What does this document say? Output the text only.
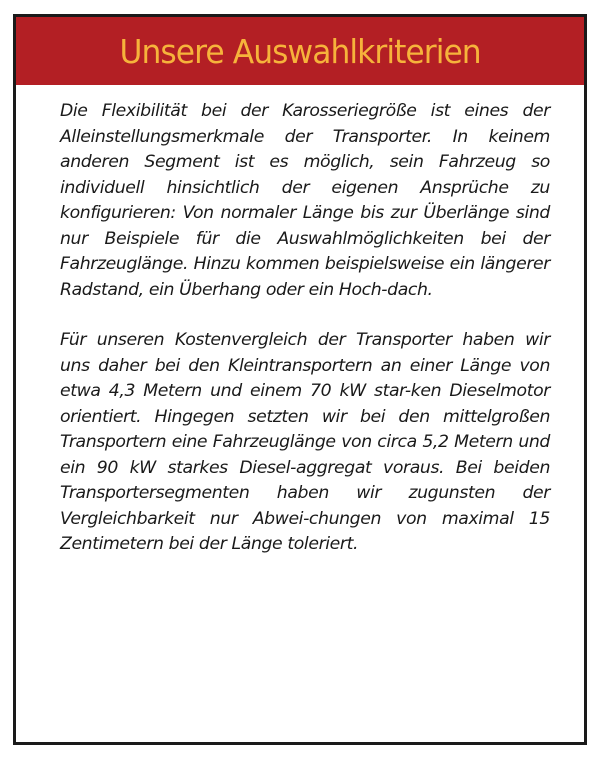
Unsere Auswahlkriterien

Die Flexibilität bei der Karosseriegröße ist eines der Alleinstellungsmerkmale der Transporter. In keinem anderen Segment ist es möglich, sein Fahrzeug so individuell hinsichtlich der eigenen Ansprüche zu konfigurieren: Von normaler Länge bis zur Überlänge sind nur Beispiele für die Auswahlmöglichkeiten bei der Fahrzeuglänge. Hinzu kommen beispielsweise ein längerer Radstand, ein Überhang oder ein Hoch-dach.

Für unseren Kostenvergleich der Transporter haben wir uns daher bei den Kleintransportern an einer Länge von etwa 4,3 Metern und einem 70 kW star-ken Dieselmotor orientiert. Hingegen setzten wir bei den mittelgroßen Transportern eine Fahrzeuglänge von circa 5,2 Metern und ein 90 kW starkes Diesel-aggregat voraus. Bei beiden Transportersegmenten haben wir zugunsten der Vergleichbarkeit nur Abwei-chungen von maximal 15 Zentimetern bei der Länge toleriert.
